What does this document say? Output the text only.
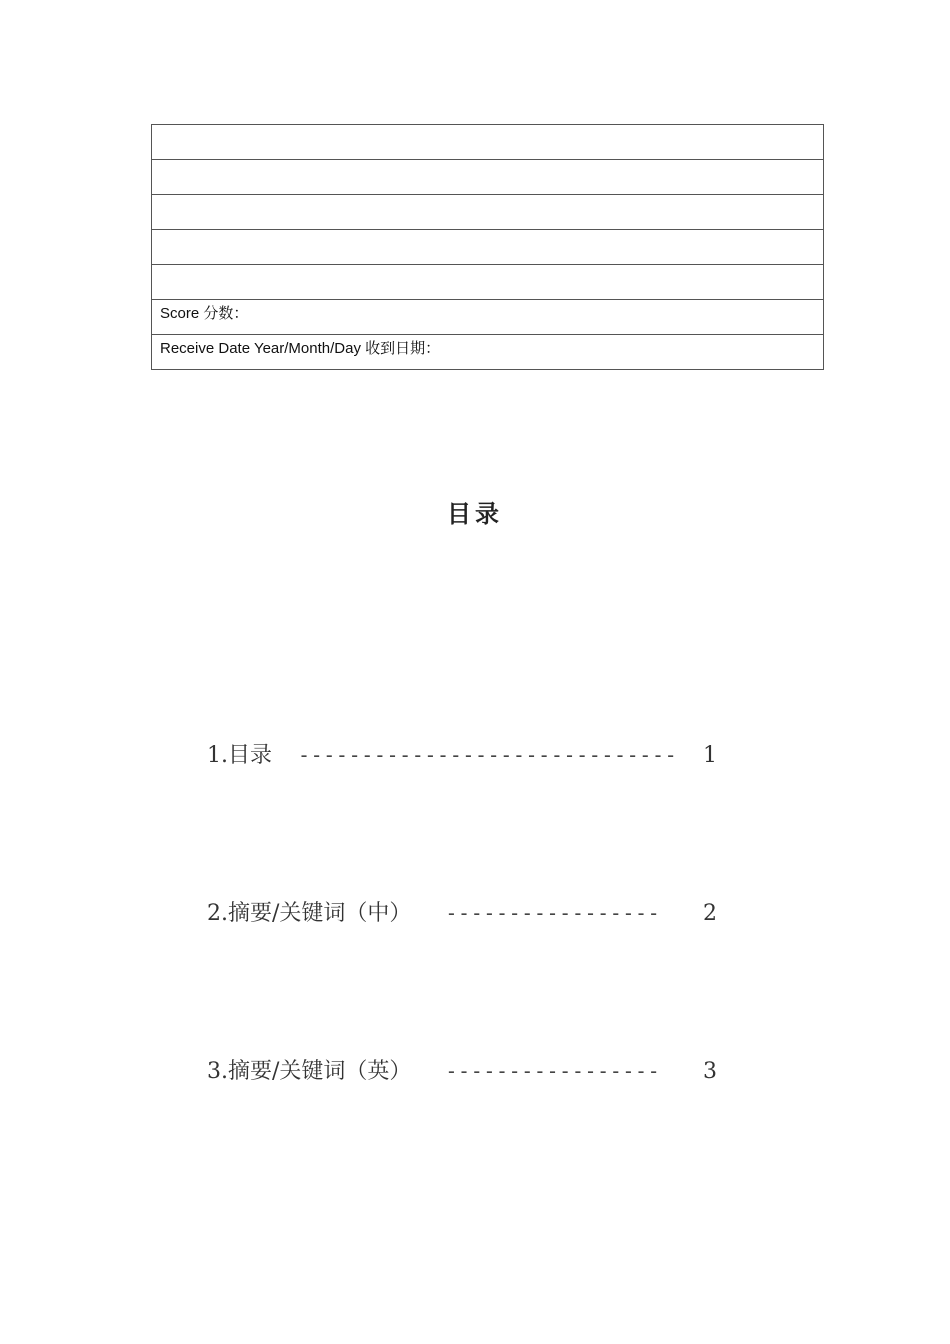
Score 分数：
Receive Date Year/Month/Day 收到日期：
目录
1.目录 ------------------------------ 1
2.摘要/关键词（中） ----------------- 2
3.摘要/关键词（英） ----------------- 3
